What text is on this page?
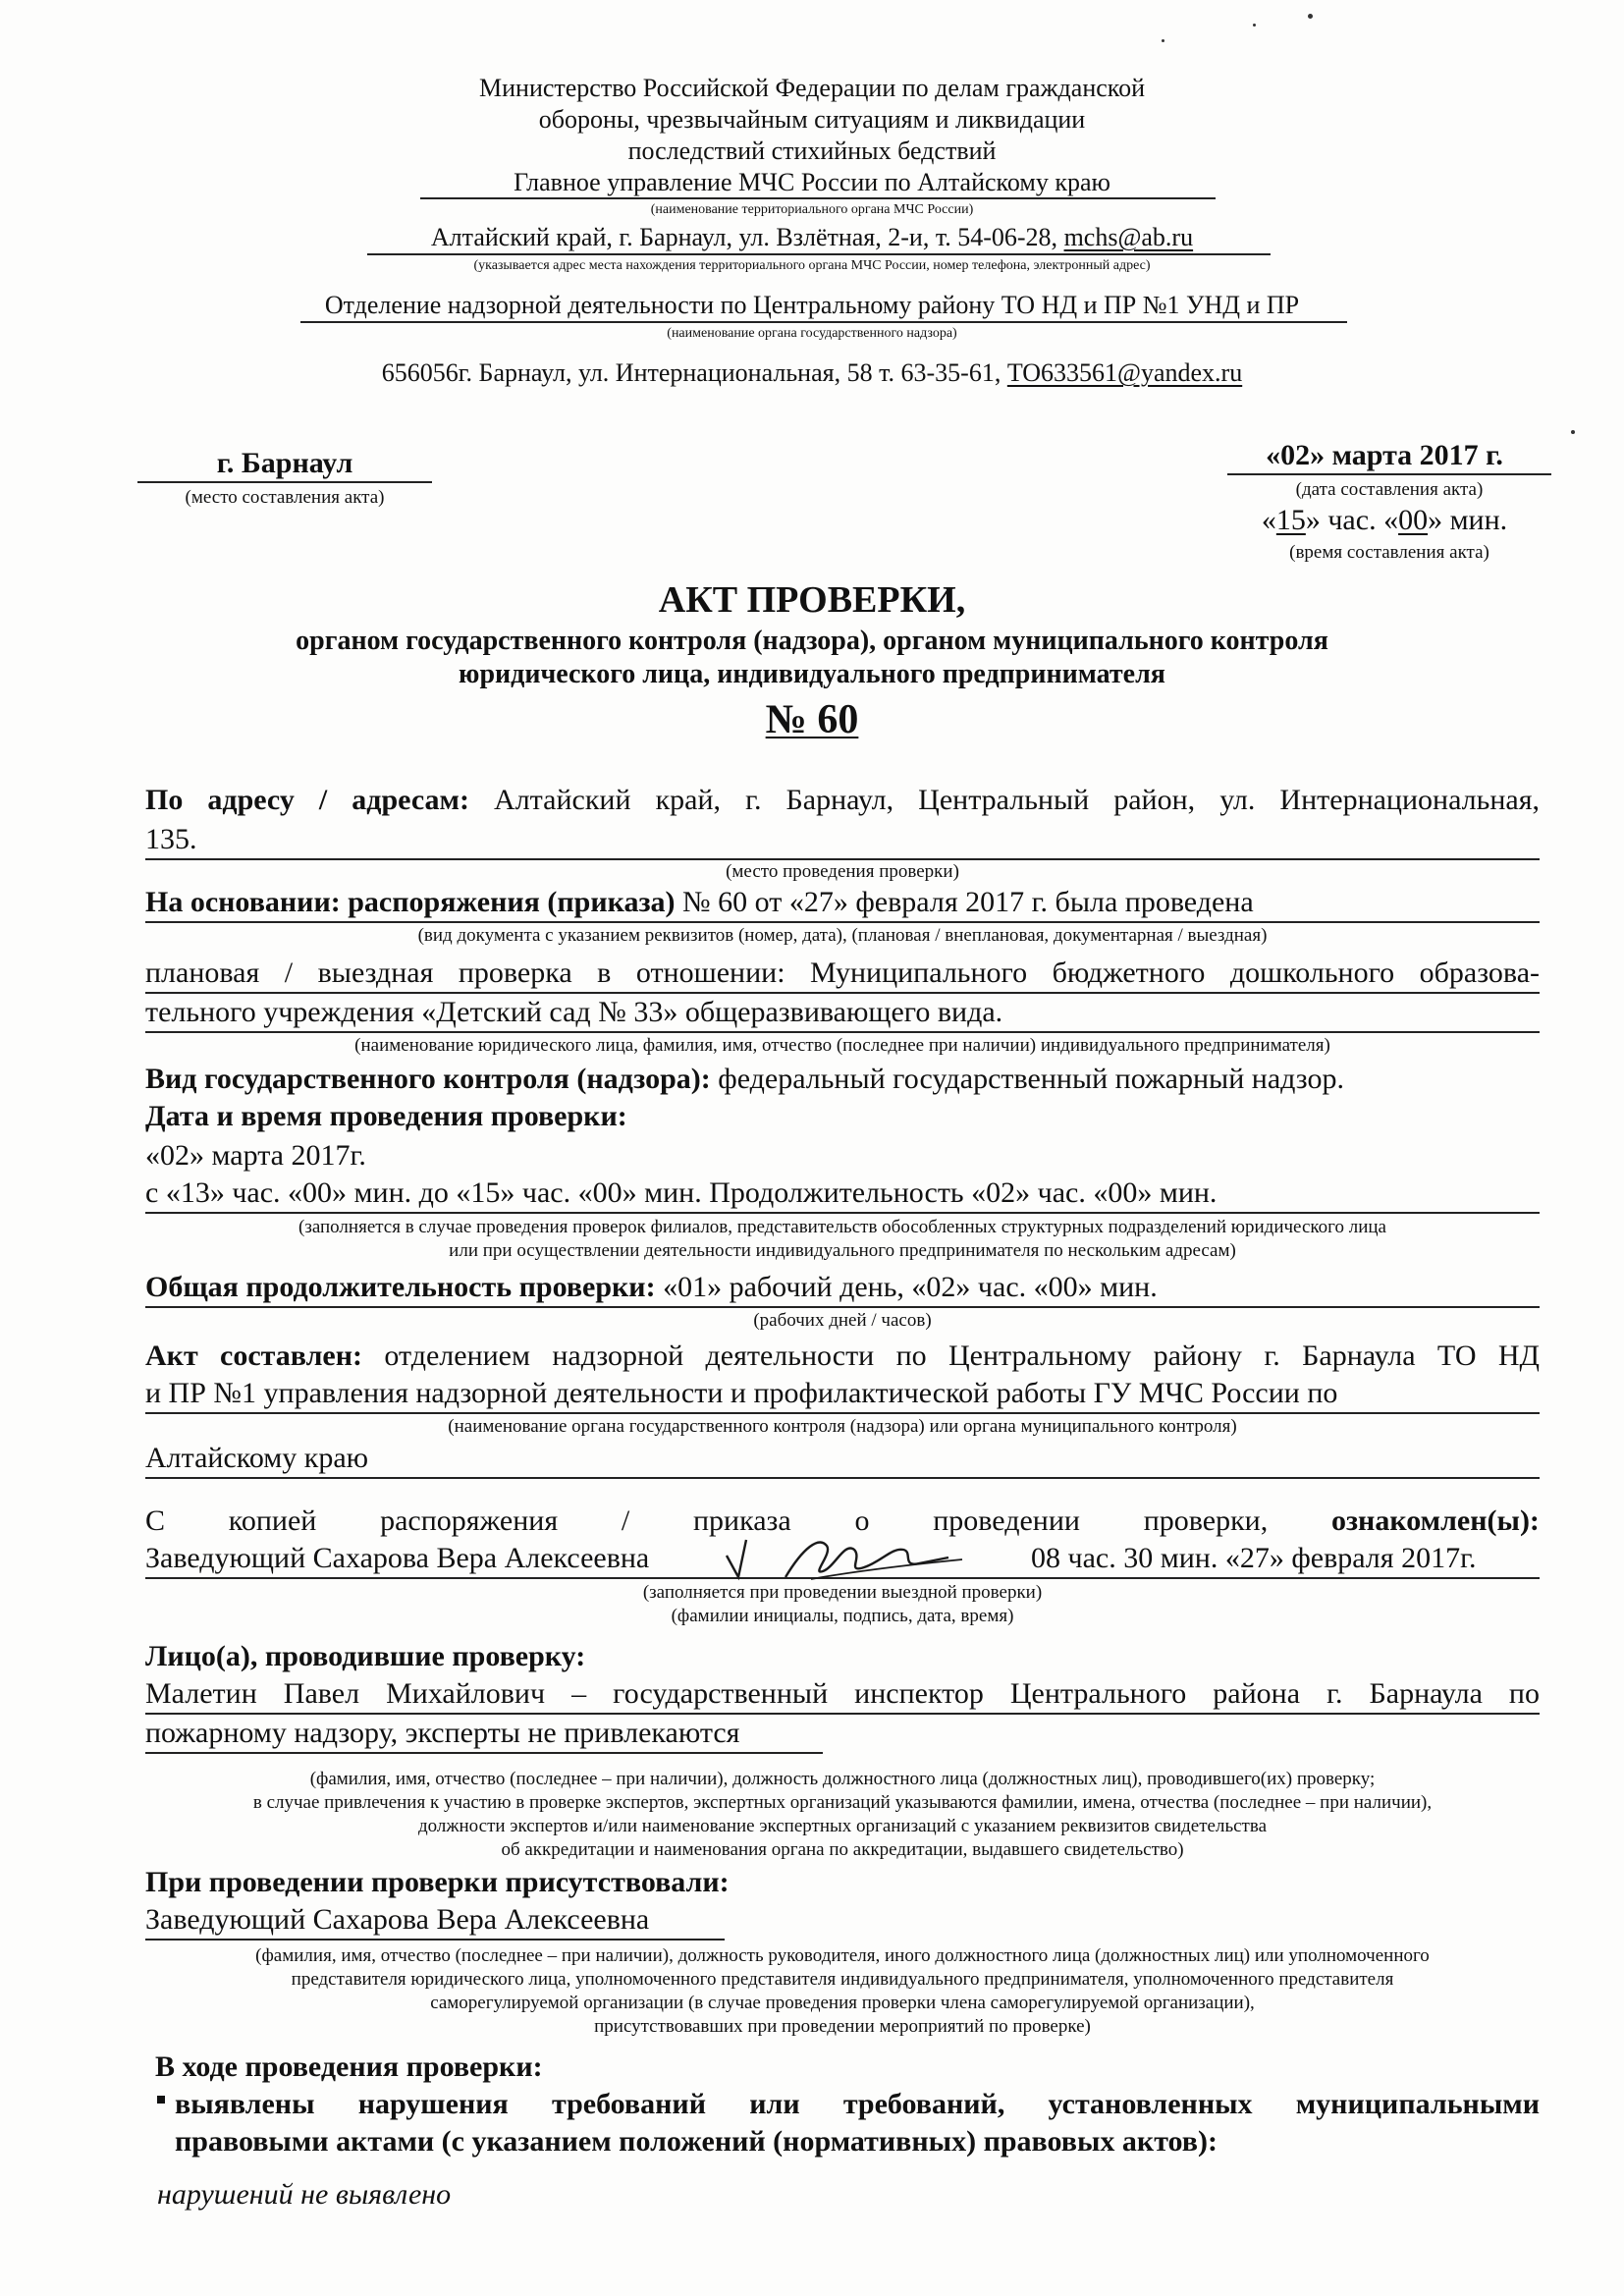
Министерство Российской Федерации по делам гражданской
обороны, чрезвычайным ситуациям и ликвидации
последствий стихийных бедствий
Главное управление МЧС России по Алтайскому краю
(наименование территориального органа МЧС России)
Алтайский край, г. Барнаул, ул. Взлётная, 2-и, т. 54-06-28, mchs@ab.ru
(указывается адрес места нахождения территориального органа МЧС России, номер телефона, электронный адрес)
Отделение надзорной деятельности по Центральному району ТО НД и ПР №1 УНД и ПР
(наименование органа государственного надзора)
656056г. Барнаул, ул. Интернациональная, 58 т. 63-35-61, TO633561@yandex.ru
г. Барнаул
(место составления акта)
«02» марта 2017 г.
(дата составления акта)
«15» час. «00» мин.
(время составления акта)
АКТ ПРОВЕРКИ,
органом государственного контроля (надзора), органом муниципального контроля
юридического лица, индивидуального предпринимателя
№ 60
По адресу / адресам: Алтайский край, г. Барнаул, Центральный район, ул. Интернациональная,
135.
(место проведения проверки)
На основании: распоряжения (приказа) № 60 от «27» февраля 2017 г. была проведена
(вид документа с указанием реквизитов (номер, дата), (плановая / внеплановая, документарная / выездная)
плановая / выездная проверка в отношении: Муниципального бюджетного дошкольного образова-
тельного учреждения «Детский сад № 33» общеразвивающего вида.
(наименование юридического лица, фамилия, имя, отчество (последнее при наличии) индивидуального предпринимателя)
Вид государственного контроля (надзора): федеральный государственный пожарный надзор.
Дата и время проведения проверки:
«02» марта 2017г.
с «13» час. «00» мин. до «15» час. «00» мин. Продолжительность «02» час. «00» мин.
(заполняется в случае проведения проверок филиалов, представительств обособленных структурных подразделений юридического лица
или при осуществлении деятельности индивидуального предпринимателя по нескольким адресам)
Общая продолжительность проверки: «01» рабочий день, «02» час. «00» мин.
(рабочих дней / часов)
Акт составлен: отделением надзорной деятельности по Центральному району г. Барнаула ТО НД
и ПР №1 управления надзорной деятельности и профилактической работы ГУ МЧС России по
(наименование органа государственного контроля (надзора) или органа муниципального контроля)
Алтайскому краю
С копией распоряжения / приказа о проведении проверки, ознакомлен(ы):
Заведующий Сахарова Вера Алексеевна	08 час. 30 мин. «27» февраля 2017г.
(заполняется при проведении выездной проверки)
(фамилии инициалы, подпись, дата, время)
Лицо(а), проводившие проверку:
Малетин Павел Михайлович – государственный инспектор Центрального района г. Барнаула по
пожарному надзору, эксперты не привлекаются
(фамилия, имя, отчество (последнее – при наличии), должность должностного лица (должностных лиц), проводившего(их) проверку;
в случае привлечения к участию в проверке экспертов, экспертных организаций указываются фамилии, имена, отчества (последнее – при наличии),
должности экспертов и/или наименование экспертных организаций с указанием реквизитов свидетельства
об аккредитации и наименования органа по аккредитации, выдавшего свидетельство)
При проведении проверки присутствовали:
Заведующий Сахарова Вера Алексеевна
(фамилия, имя, отчество (последнее – при наличии), должность руководителя, иного должностного лица (должностных лиц) или уполномоченного
представителя юридического лица, уполномоченного представителя индивидуального предпринимателя, уполномоченного представителя
саморегулируемой организации (в случае проведения проверки члена саморегулируемой организации),
присутствовавших при проведении мероприятий по проверке)
В ходе проведения проверки:
выявлены нарушения требований или требований, установленных муниципальными
правовыми актами (с указанием положений (нормативных) правовых актов):
нарушений не выявлено
